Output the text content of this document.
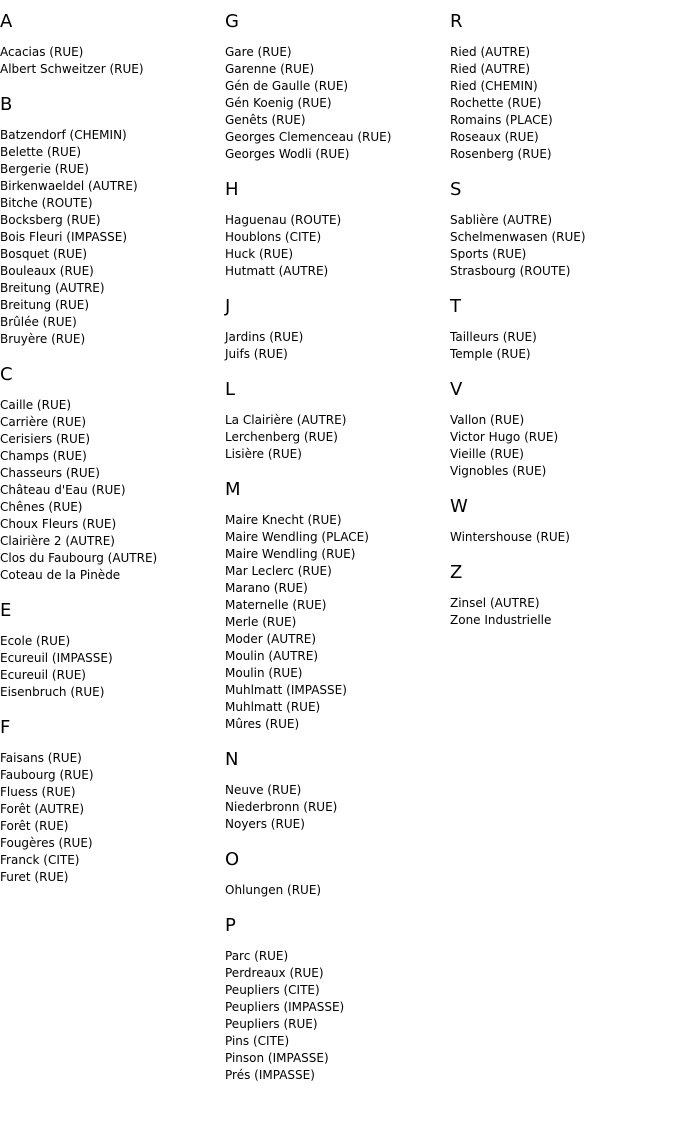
A
Acacias (RUE)
Albert Schweitzer (RUE)
B
Batzendorf (CHEMIN)
Belette (RUE)
Bergerie (RUE)
Birkenwaeldel (AUTRE)
Bitche (ROUTE)
Bocksberg (RUE)
Bois Fleuri (IMPASSE)
Bosquet (RUE)
Bouleaux (RUE)
Breitung (AUTRE)
Breitung (RUE)
Brûlée (RUE)
Bruyère (RUE)
C
Caille (RUE)
Carrière (RUE)
Cerisiers (RUE)
Champs (RUE)
Chasseurs (RUE)
Château d'Eau (RUE)
Chênes (RUE)
Choux Fleurs (RUE)
Clairière 2 (AUTRE)
Clos du Faubourg (AUTRE)
Coteau de la Pinède
E
Ecole (RUE)
Ecureuil (IMPASSE)
Ecureuil (RUE)
Eisenbruch (RUE)
F
Faisans (RUE)
Faubourg (RUE)
Fluess (RUE)
Forêt (AUTRE)
Forêt (RUE)
Fougères (RUE)
Franck (CITE)
Furet (RUE)
G
Gare (RUE)
Garenne (RUE)
Gén de Gaulle (RUE)
Gén Koenig (RUE)
Genêts (RUE)
Georges Clemenceau (RUE)
Georges Wodli (RUE)
H
Haguenau (ROUTE)
Houblons (CITE)
Huck (RUE)
Hutmatt (AUTRE)
J
Jardins (RUE)
Juifs (RUE)
L
La Clairière (AUTRE)
Lerchenberg (RUE)
Lisière (RUE)
M
Maire Knecht (RUE)
Maire Wendling (PLACE)
Maire Wendling (RUE)
Mar Leclerc (RUE)
Marano (RUE)
Maternelle (RUE)
Merle (RUE)
Moder (AUTRE)
Moulin (AUTRE)
Moulin (RUE)
Muhlmatt (IMPASSE)
Muhlmatt (RUE)
Mûres (RUE)
N
Neuve (RUE)
Niederbronn (RUE)
Noyers (RUE)
O
Ohlungen (RUE)
P
Parc (RUE)
Perdreaux (RUE)
Peupliers (CITE)
Peupliers (IMPASSE)
Peupliers (RUE)
Pins (CITE)
Pinson (IMPASSE)
Prés (IMPASSE)
R
Ried (AUTRE)
Ried (AUTRE)
Ried (CHEMIN)
Rochette (RUE)
Romains (PLACE)
Roseaux (RUE)
Rosenberg (RUE)
S
Sablière (AUTRE)
Schelmenwasen (RUE)
Sports (RUE)
Strasbourg (ROUTE)
T
Tailleurs (RUE)
Temple (RUE)
V
Vallon (RUE)
Victor Hugo (RUE)
Vieille (RUE)
Vignobles (RUE)
W
Wintershouse (RUE)
Z
Zinsel (AUTRE)
Zone Industrielle
